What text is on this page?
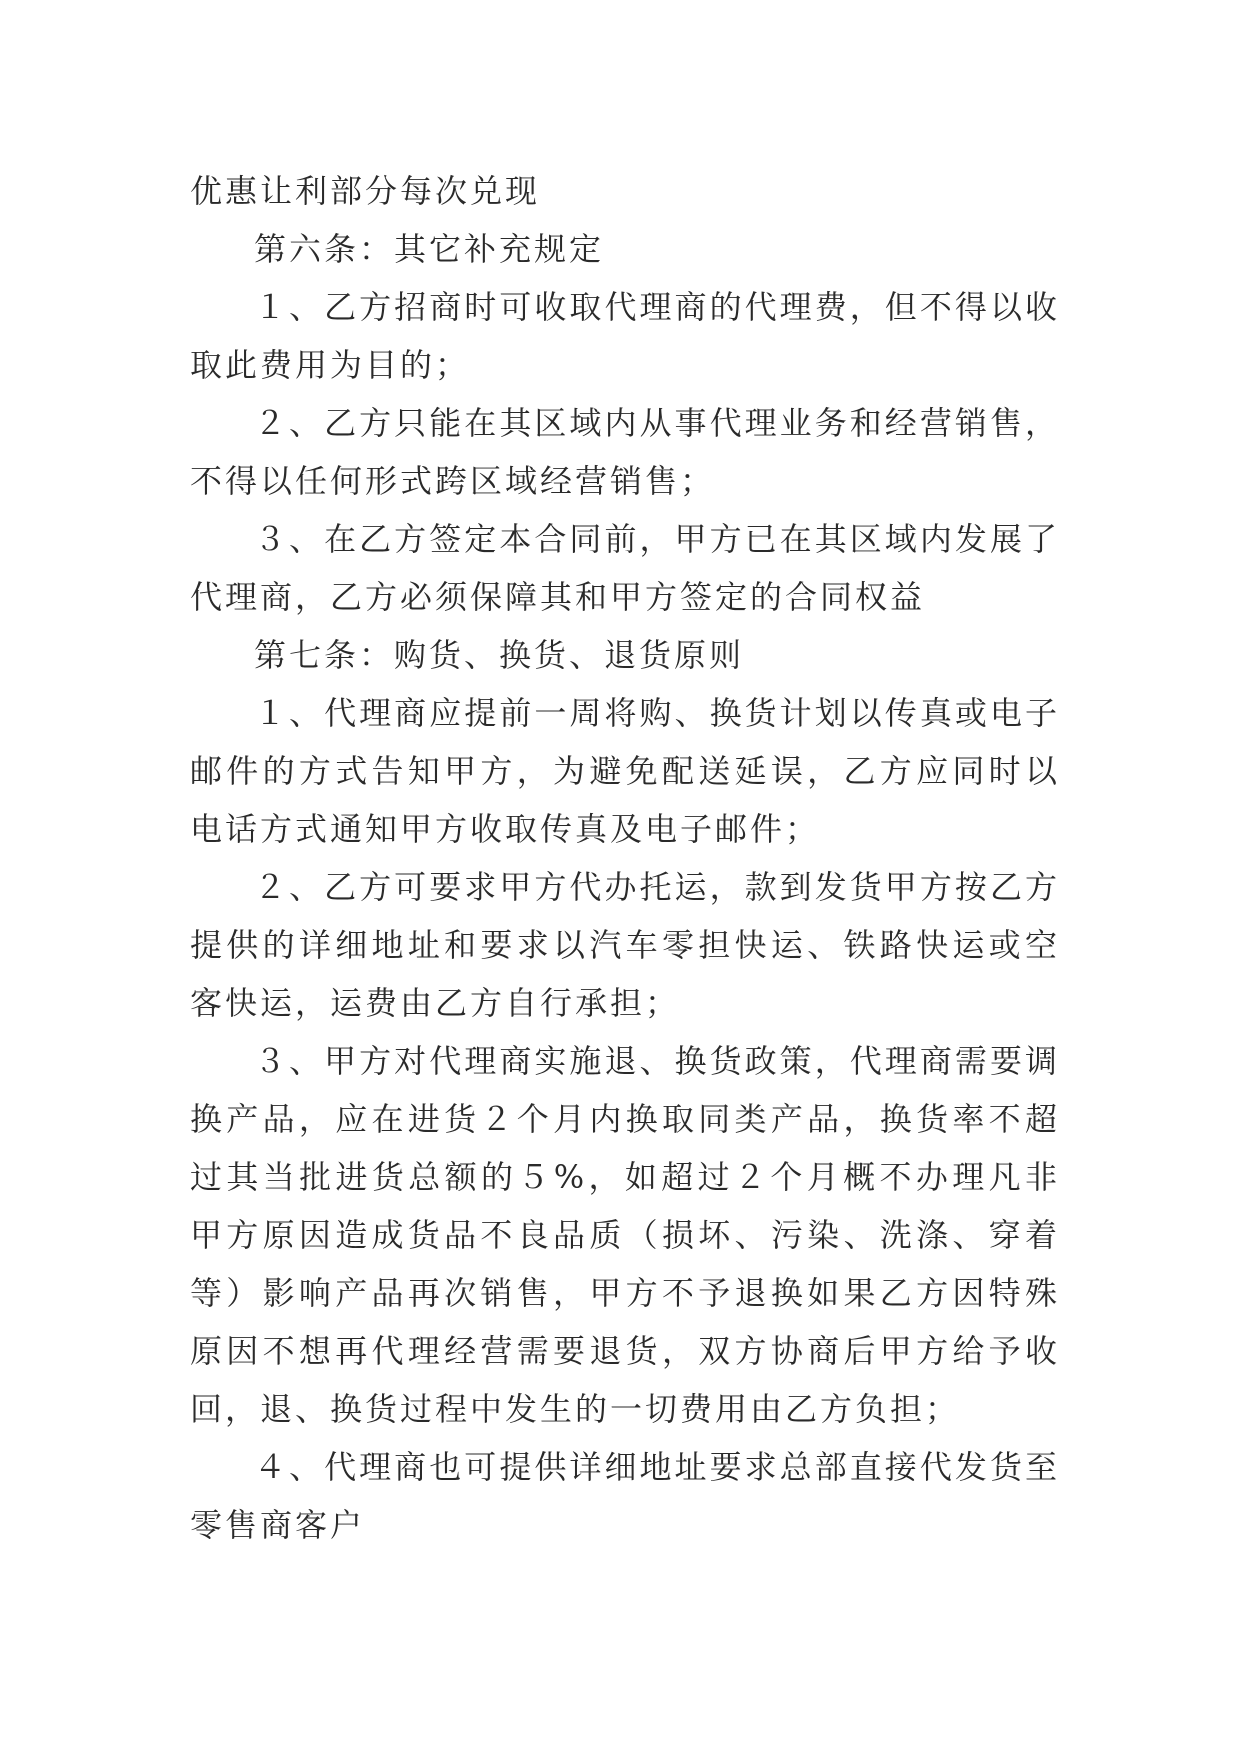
优惠让利部分每次兑现

第六条：其它补充规定

１、乙方招商时可收取代理商的代理费，但不得以收取此费用为目的；

２、乙方只能在其区域内从事代理业务和经营销售，不得以任何形式跨区域经营销售；

３、在乙方签定本合同前，甲方已在其区域内发展了代理商，乙方必须保障其和甲方签定的合同权益

第七条：购货、换货、退货原则

１、代理商应提前一周将购、换货计划以传真或电子邮件的方式告知甲方，为避免配送延误，乙方应同时以电话方式通知甲方收取传真及电子邮件；

２、乙方可要求甲方代办托运，款到发货甲方按乙方提供的详细地址和要求以汽车零担快运、铁路快运或空客快运，运费由乙方自行承担；

３、甲方对代理商实施退、换货政策，代理商需要调换产品，应在进货２个月内换取同类产品，换货率不超过其当批进货总额的５%，如超过２个月概不办理凡非甲方原因造成货品不良品质（损坏、污染、洗涤、穿着等）影响产品再次销售，甲方不予退换如果乙方因特殊原因不想再代理经营需要退货，双方协商后甲方给予收回，退、换货过程中发生的一切费用由乙方负担；

４、代理商也可提供详细地址要求总部直接代发货至零售商客户
